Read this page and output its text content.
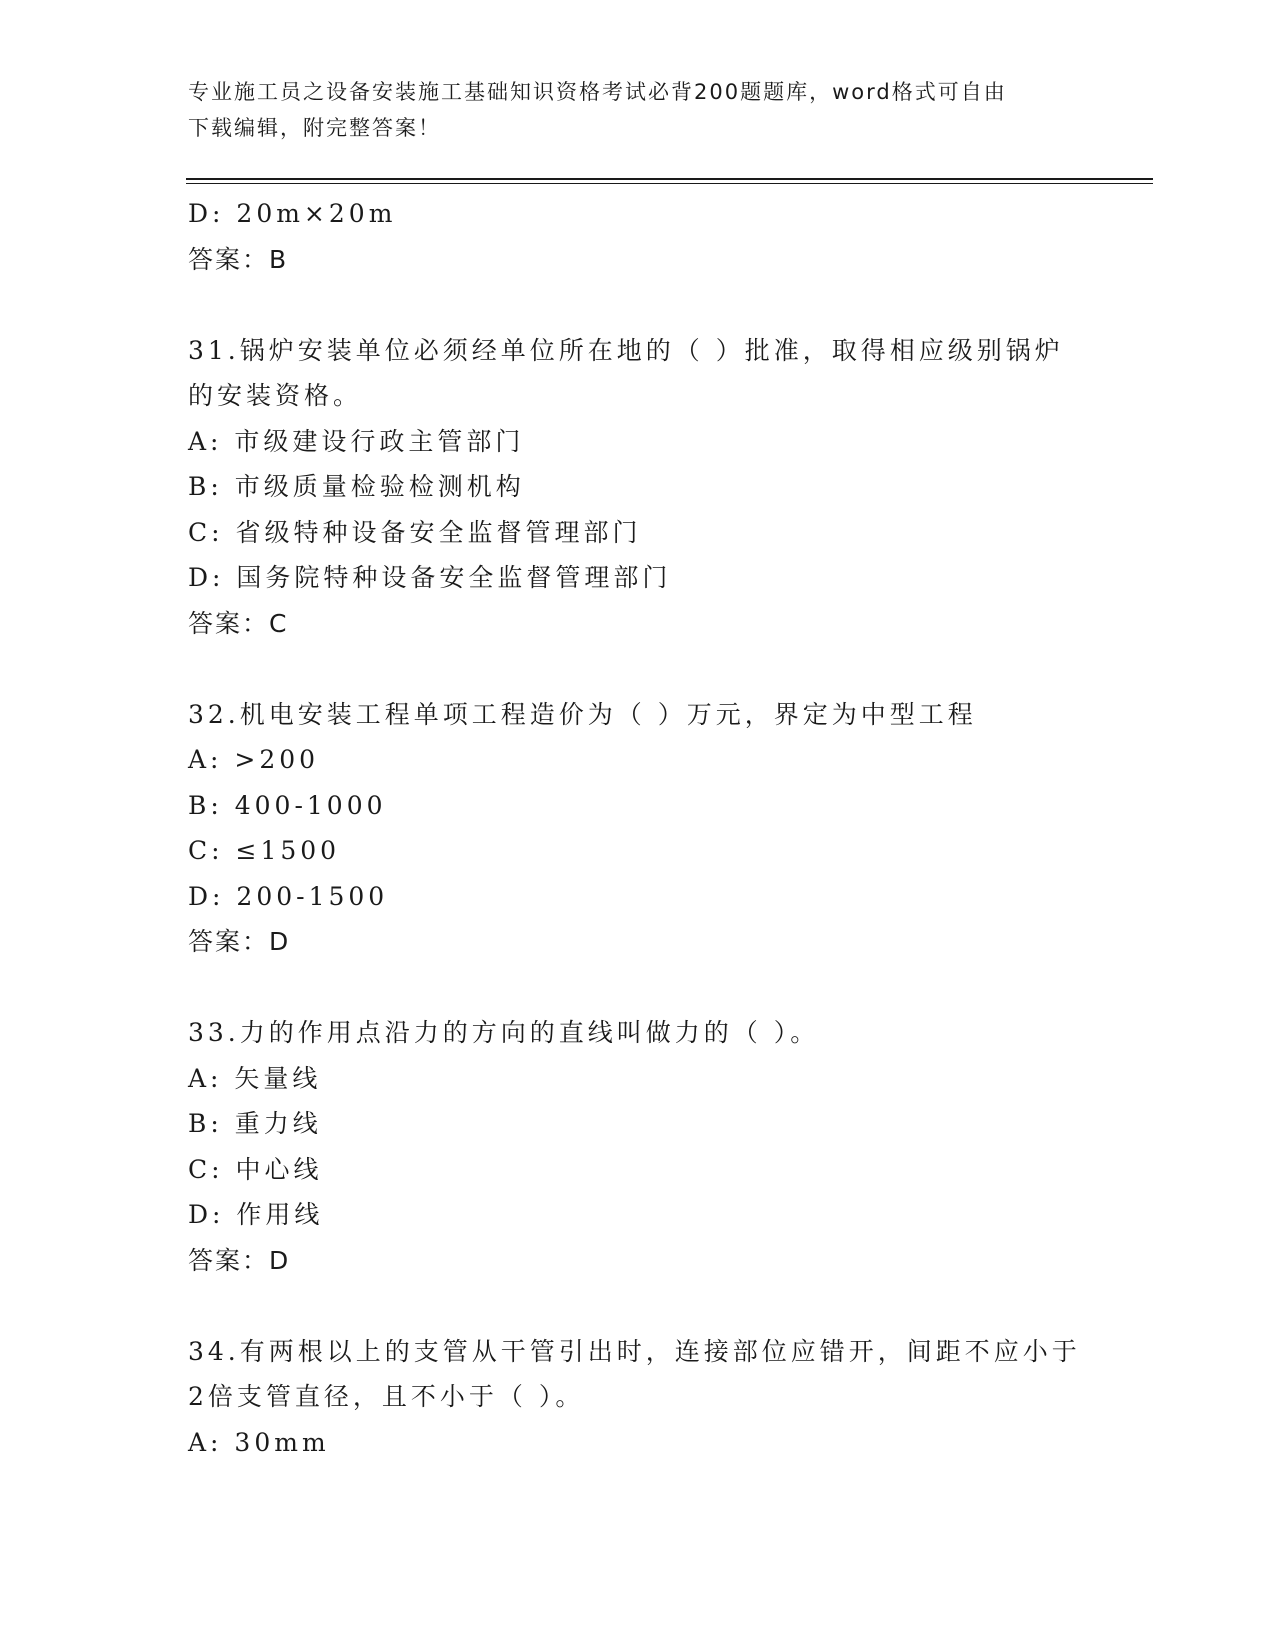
专业施工员之设备安装施工基础知识资格考试必背200题题库，word格式可自由
下载编辑，附完整答案！
D: 20m×20m
答案：B
31.锅炉安装单位必须经单位所在地的（ ）批准，取得相应级别锅炉
的安装资格。
A: 市级建设行政主管部门
B: 市级质量检验检测机构
C: 省级特种设备安全监督管理部门
D: 国务院特种设备安全监督管理部门
答案：C
32.机电安装工程单项工程造价为（ ）万元，界定为中型工程
A: >200
B: 400-1000
C: ≤1500
D: 200-1500
答案：D
33.力的作用点沿力的方向的直线叫做力的（ ）。
A: 矢量线
B: 重力线
C: 中心线
D: 作用线
答案：D
34.有两根以上的支管从干管引出时，连接部位应错开，间距不应小于
2倍支管直径，且不小于（ ）。
A: 30mm
